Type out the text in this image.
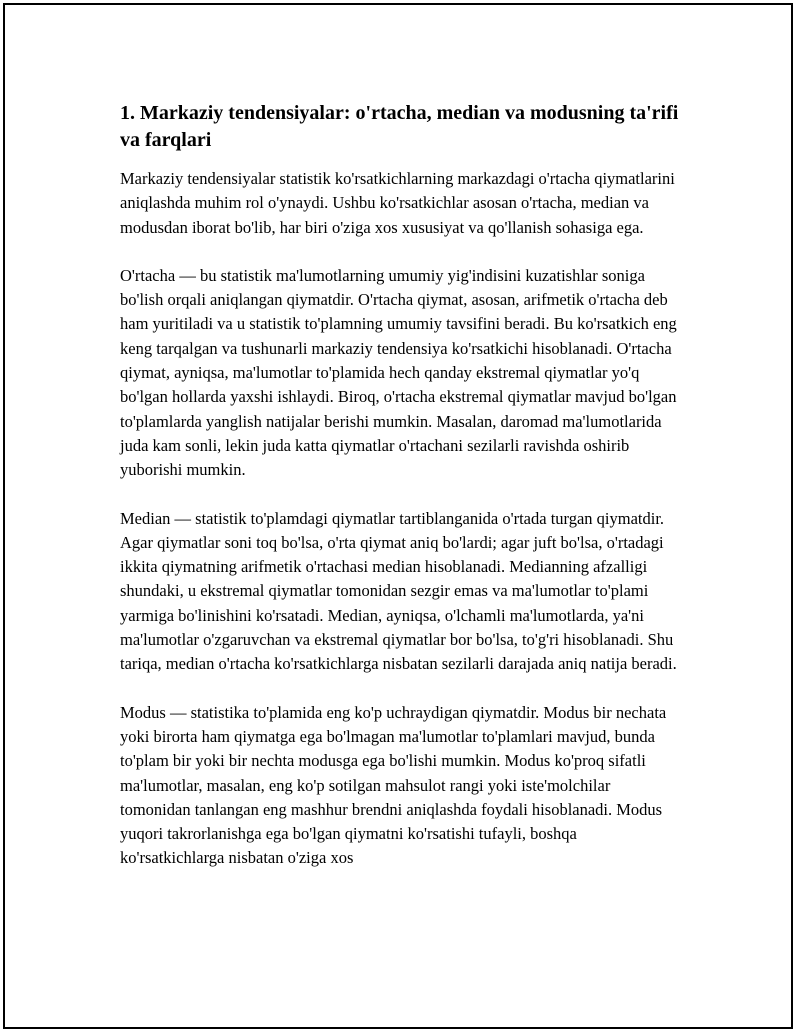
1. Markaziy tendensiyalar: o'rtacha, median va modusning ta'rifi va farqlari

Markaziy tendensiyalar statistik ko'rsatkichlarning markazdagi o'rtacha qiymatlarini aniqlashda muhim rol o'ynaydi. Ushbu ko'rsatkichlar asosan o'rtacha, median va modusdan iborat bo'lib, har biri o'ziga xos xususiyat va qo'llanish sohasiga ega.

O'rtacha — bu statistik ma'lumotlarning umumiy yig'indisini kuzatishlar soniga bo'lish orqali aniqlangan qiymatdir. O'rtacha qiymat, asosan, arifmetik o'rtacha deb ham yuritiladi va u statistik to'plamning umumiy tavsifini beradi. Bu ko'rsatkich eng keng tarqalgan va tushunarli markaziy tendensiya ko'rsatkichi hisoblanadi. O'rtacha qiymat, ayniqsa, ma'lumotlar to'plamida hech qanday ekstremal qiymatlar yo'q bo'lgan hollarda yaxshi ishlaydi. Biroq, o'rtacha ekstremal qiymatlar mavjud bo'lgan to'plamlarda yanglish natijalar berishi mumkin. Masalan, daromad ma'lumotlarida juda kam sonli, lekin juda katta qiymatlar o'rtachani sezilarli ravishda oshirib yuborishi mumkin.

Median — statistik to'plamdagi qiymatlar tartiblanganida o'rtada turgan qiymatdir. Agar qiymatlar soni toq bo'lsa, o'rta qiymat aniq bo'lardi; agar juft bo'lsa, o'rtadagi ikkita qiymatning arifmetik o'rtachasi median hisoblanadi. Medianning afzalligi shundaki, u ekstremal qiymatlar tomonidan sezgir emas va ma'lumotlar to'plami yarmiga bo'linishini ko'rsatadi. Median, ayniqsa, o'lchamli ma'lumotlarda, ya'ni ma'lumotlar o'zgaruvchan va ekstremal qiymatlar bor bo'lsa, to'g'ri hisoblanadi. Shu tariqa, median o'rtacha ko'rsatkichlarga nisbatan sezilarli darajada aniq natija beradi.

Modus — statistika to'plamida eng ko'p uchraydigan qiymatdir. Modus bir nechata yoki birorta ham qiymatga ega bo'lmagan ma'lumotlar to'plamlari mavjud, bunda to'plam bir yoki bir nechta modusga ega bo'lishi mumkin. Modus ko'proq sifatli ma'lumotlar, masalan, eng ko'p sotilgan mahsulot rangi yoki iste'molchilar tomonidan tanlangan eng mashhur brendni aniqlashda foydali hisoblanadi. Modus yuqori takrorlanishga ega bo'lgan qiymatni ko'rsatishi tufayli, boshqa ko'rsatkichlarga nisbatan o'ziga xos
